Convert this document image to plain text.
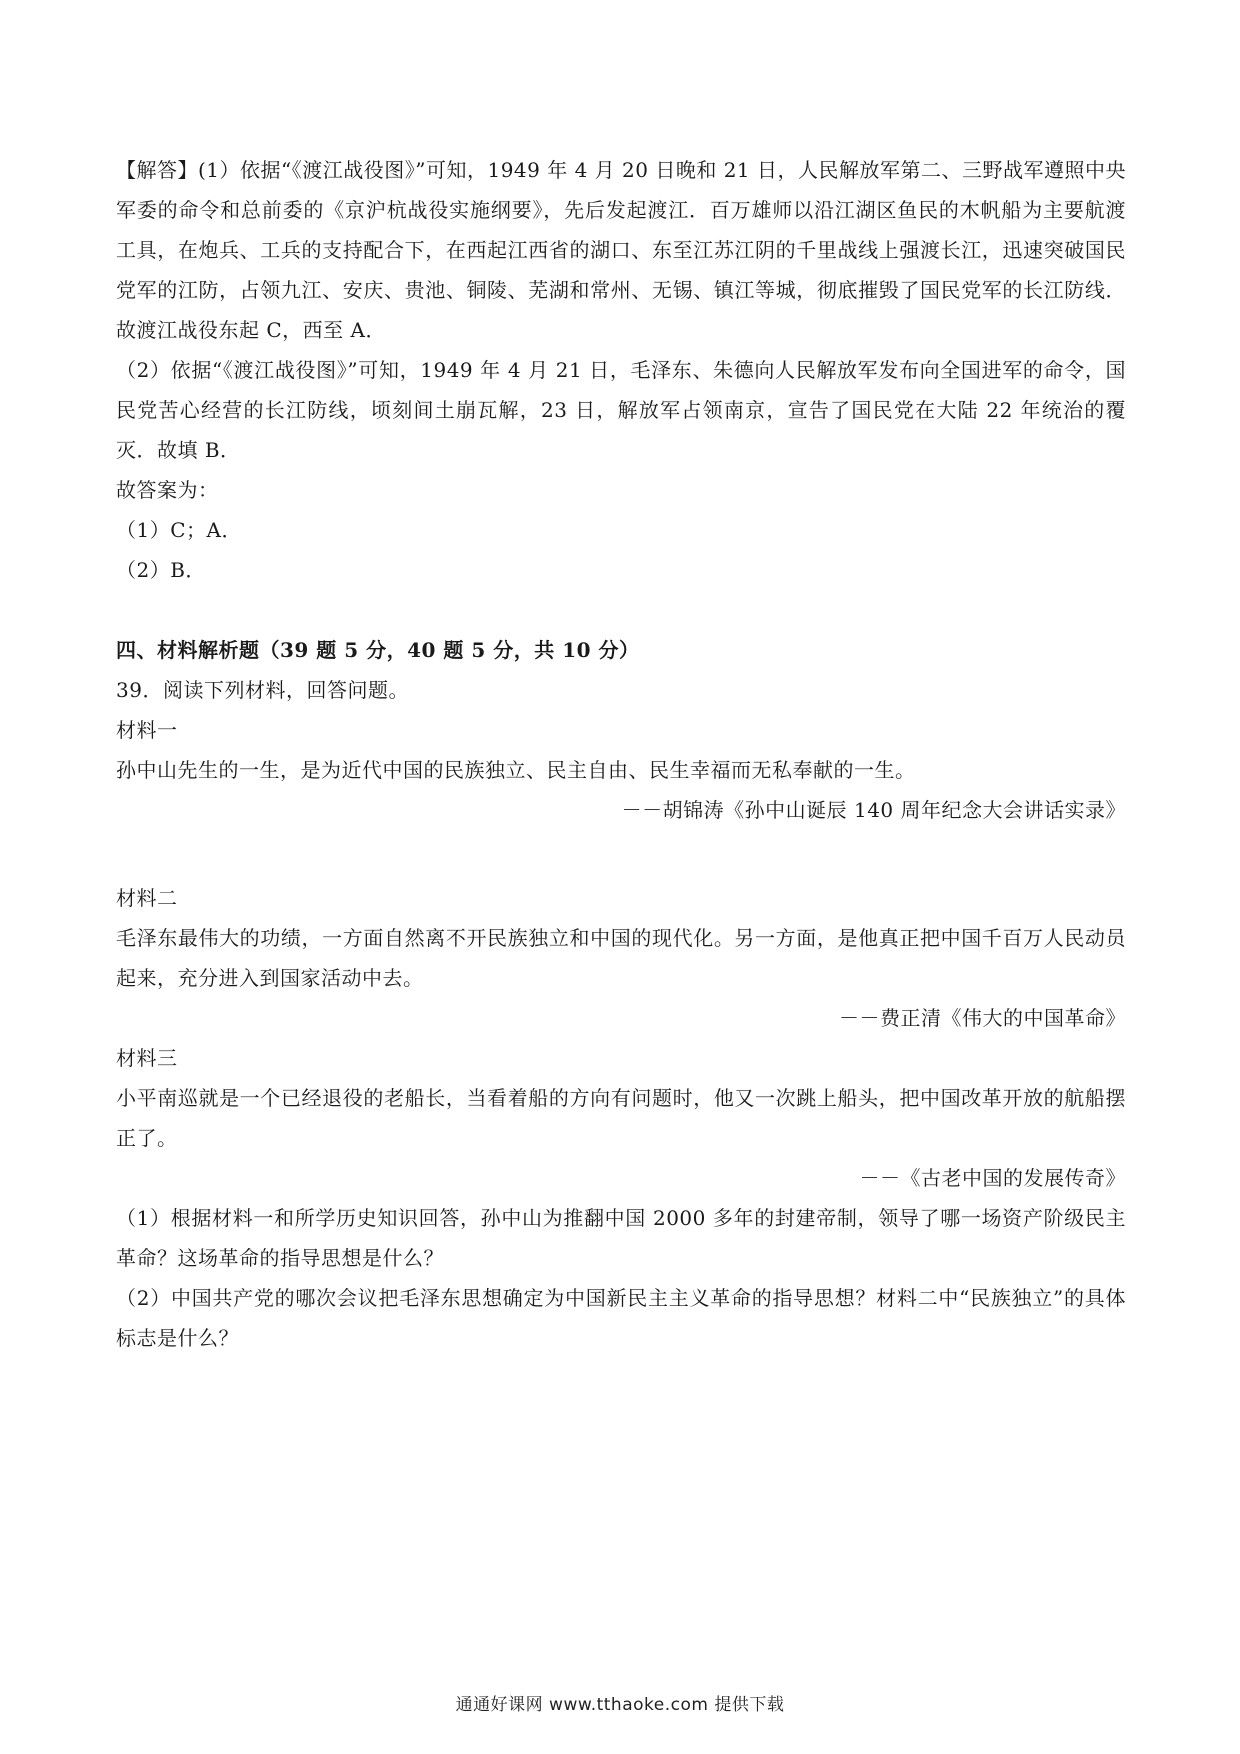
【解答】(1）依据“《渡江战役图》”可知，1949 年 4 月 20 日晚和 21 日，人民解放军第二、三野战军遵照中央军委的命令和总前委的《京沪杭战役实施纲要》，先后发起渡江．百万雄师以沿江湖区鱼民的木帆船为主要航渡工具，在炮兵、工兵的支持配合下，在西起江西省的湖口、东至江苏江阴的千里战线上强渡长江，迅速突破国民党军的江防，占领九江、安庆、贵池、铜陵、芜湖和常州、无锡、镇江等城，彻底摧毁了国民党军的长江防线．故渡江战役东起 C，西至 A．

（2）依据“《渡江战役图》”可知，1949 年 4 月 21 日，毛泽东、朱德向人民解放军发布向全国进军的命令，国民党苦心经营的长江防线，顷刻间土崩瓦解，23 日，解放军占领南京，宣告了国民党在大陆 22 年统治的覆灭．故填 B．

故答案为：

（1）C；A．

（2）B．

四、材料解析题（39 题 5 分，40 题 5 分，共 10 分）

39．阅读下列材料，回答问题。

材料一

孙中山先生的一生，是为近代中国的民族独立、民主自由、民生幸福而无私奉献的一生。

－－胡锦涛《孙中山诞辰 140 周年纪念大会讲话实录》

材料二

毛泽东最伟大的功绩，一方面自然离不开民族独立和中国的现代化。另一方面，是他真正把中国千百万人民动员起来，充分进入到国家活动中去。

－－费正清《伟大的中国革命》

材料三

小平南巡就是一个已经退役的老船长，当看着船的方向有问题时，他又一次跳上船头，把中国改革开放的航船摆正了。

－－《古老中国的发展传奇》

（1）根据材料一和所学历史知识回答，孙中山为推翻中国 2000 多年的封建帝制，领导了哪一场资产阶级民主革命？这场革命的指导思想是什么？

（2）中国共产党的哪次会议把毛泽东思想确定为中国新民主主义革命的指导思想？材料二中“民族独立”的具体标志是什么？

通通好课网 www.tthaoke.com 提供下载
